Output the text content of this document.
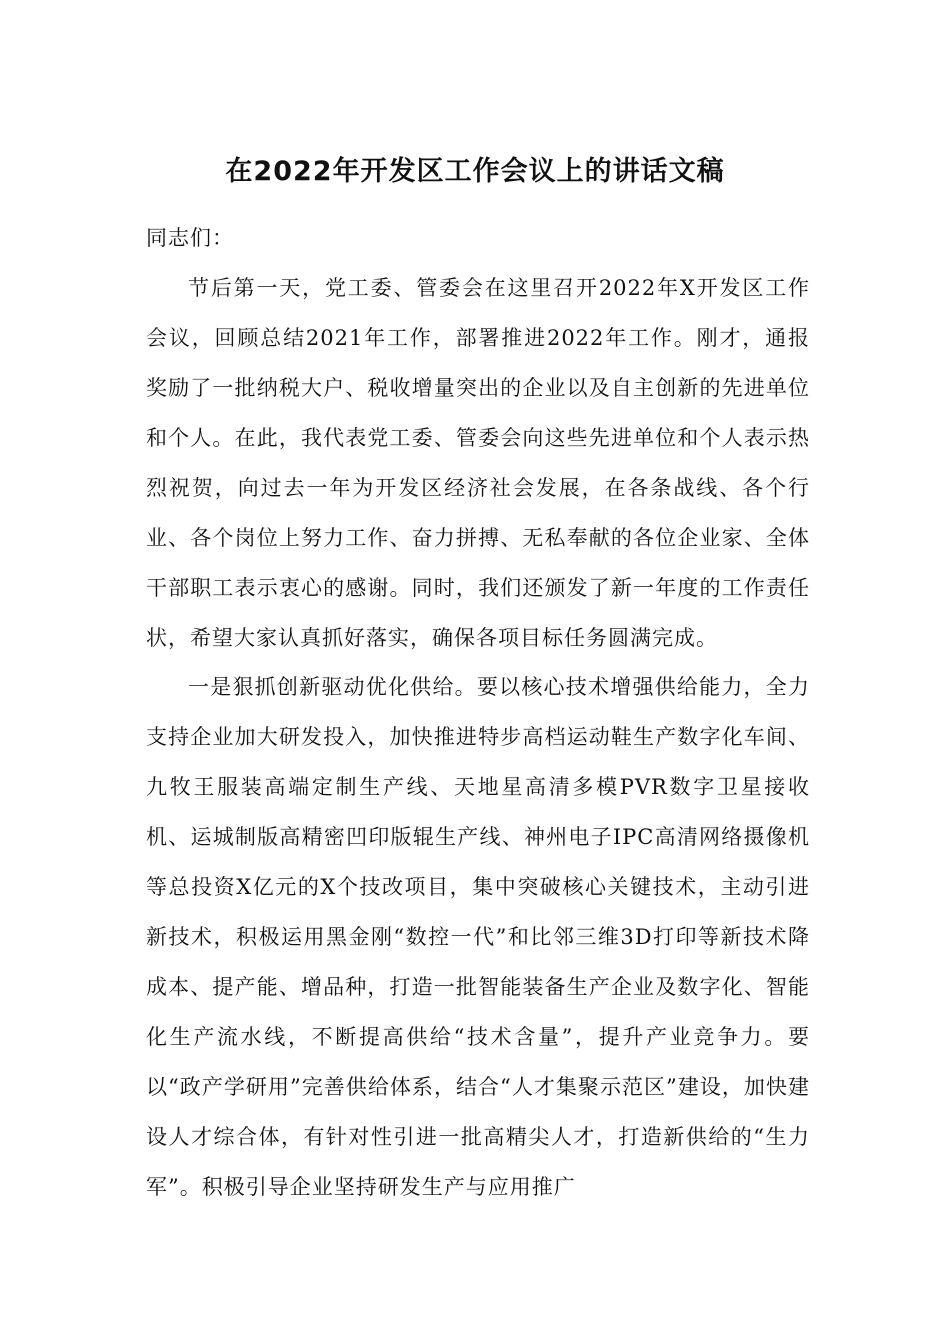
在2022年开发区工作会议上的讲话文稿

同志们：

节后第一天，党工委、管委会在这里召开2022年X开发区工作会议，回顾总结2021年工作，部署推进2022年工作。刚才，通报奖励了一批纳税大户、税收增量突出的企业以及自主创新的先进单位和个人。在此，我代表党工委、管委会向这些先进单位和个人表示热烈祝贺，向过去一年为开发区经济社会发展，在各条战线、各个行业、各个岗位上努力工作、奋力拼搏、无私奉献的各位企业家、全体干部职工表示衷心的感谢。同时，我们还颁发了新一年度的工作责任状，希望大家认真抓好落实，确保各项目标任务圆满完成。

一是狠抓创新驱动优化供给。要以核心技术增强供给能力，全力支持企业加大研发投入，加快推进特步高档运动鞋生产数字化车间、九牧王服装高端定制生产线、天地星高清多模PVR数字卫星接收机、运城制版高精密凹印版辊生产线、神州电子IPC高清网络摄像机等总投资X亿元的X个技改项目，集中突破核心关键技术，主动引进新技术，积极运用黑金刚“数控一代”和比邻三维3D打印等新技术降成本、提产能、增品种，打造一批智能装备生产企业及数字化、智能化生产流水线，不断提高供给“技术含量”，提升产业竞争力。要以“政产学研用”完善供给体系，结合“人才集聚示范区”建设，加快建设人才综合体，有针对性引进一批高精尖人才，打造新供给的“生力军”。积极引导企业坚持研发生产与应用推广
